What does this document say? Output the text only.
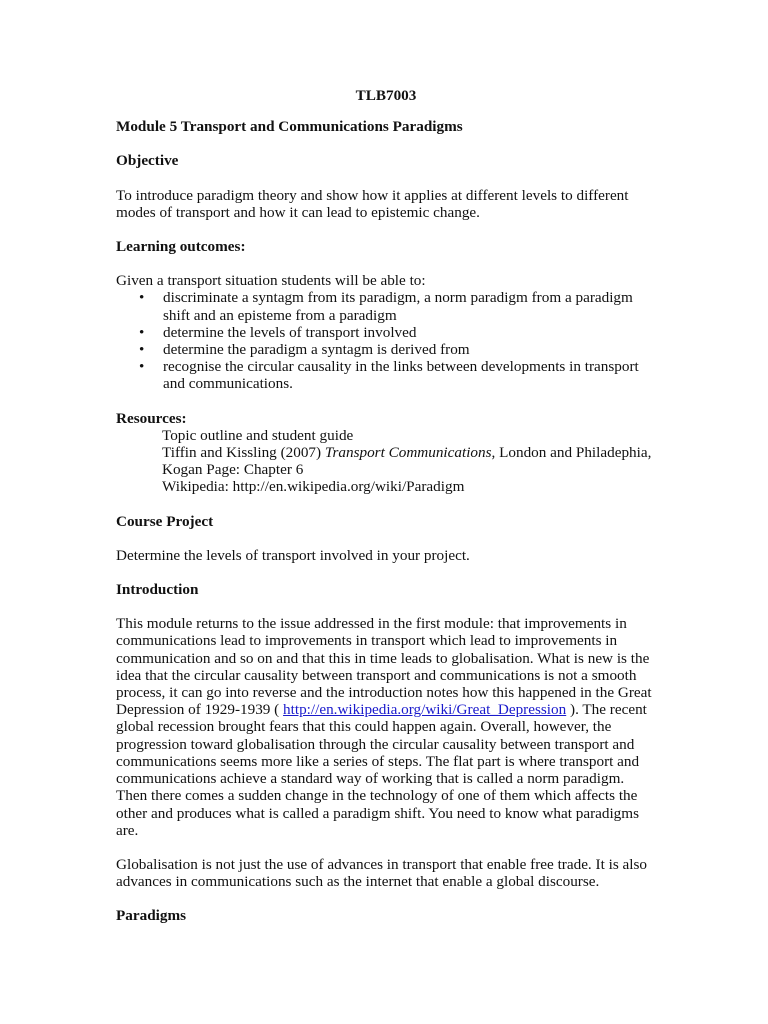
TLB7003

Module 5 Transport and Communications Paradigms

Objective

To introduce paradigm theory and show how it applies at different levels to different modes of transport and how it can lead to epistemic change.

Learning outcomes:

Given a transport situation students will be able to:

• discriminate a syntagm from its paradigm, a norm paradigm from a paradigm shift and an episteme from a paradigm
• determine the levels of transport involved
• determine the paradigm a syntagm is derived from
• recognise the circular causality in the links between developments in transport and communications.

Resources:

Topic outline and student guide

Tiffin and Kissling (2007) Transport Communications, London and Philadephia, Kogan Page: Chapter 6

Wikipedia: http://en.wikipedia.org/wiki/Paradigm

Course Project

Determine the levels of transport involved in your project.

Introduction

This module returns to the issue addressed in the first module: that improvements in communications lead to improvements in transport which lead to improvements in communication and so on and that this in time leads to globalisation. What is new is the idea that the circular causality between transport and communications is not a smooth process, it can go into reverse and the introduction notes how this happened in the Great Depression of 1929-1939 ( http://en.wikipedia.org/wiki/Great_Depression ). The recent global recession brought fears that this could happen again. Overall, however, the progression toward globalisation through the circular causality between transport and communications seems more like a series of steps. The flat part is where transport and communications achieve a standard way of working that is called a norm paradigm. Then there comes a sudden change in the technology of one of them which affects the other and produces what is called a paradigm shift. You need to know what paradigms are.

Globalisation is not just the use of advances in transport that enable free trade. It is also advances in communications such as the internet that enable a global discourse.

Paradigms
